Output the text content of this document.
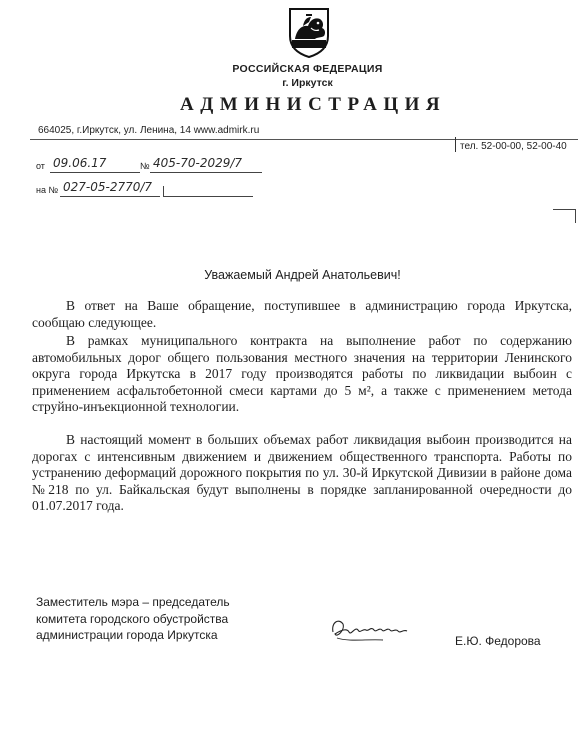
РОССИЙСКАЯ ФЕДЕРАЦИЯ
г. Иркутск
АДМИНИСТРАЦИЯ
664025, г.Иркутск, ул. Ленина, 14 www.admirk.ru
тел. 52-00-00, 52-00-40
от 09.06.17	№ 405-70-2029/7
на № 027-05-2770/7
Уважаемый Андрей Анатольевич!
В ответ на Ваше обращение, поступившее в администрацию города Иркутска, сообщаю следующее.
В рамках муниципального контракта на выполнение работ по содержанию автомобильных дорог общего пользования местного значения на территории Ленинского округа города Иркутска в 2017 году производятся работы по ликвидации выбоин с применением асфальтобетонной смеси картами до 5 м², а также с применением метода струйно-инъекционной технологии.
В настоящий момент в больших объемах работ ликвидация выбоин производится на дорогах с интенсивным движением и движением общественного транспорта. Работы по устранению деформаций дорожного покрытия по ул. 30-й Иркутской Дивизии в районе дома №218 по ул. Байкальская будут выполнены в порядке запланированной очередности до 01.07.2017 года.
Заместитель мэра – председатель
комитета городского обустройства
администрации города Иркутска	Е.Ю. Федорова
